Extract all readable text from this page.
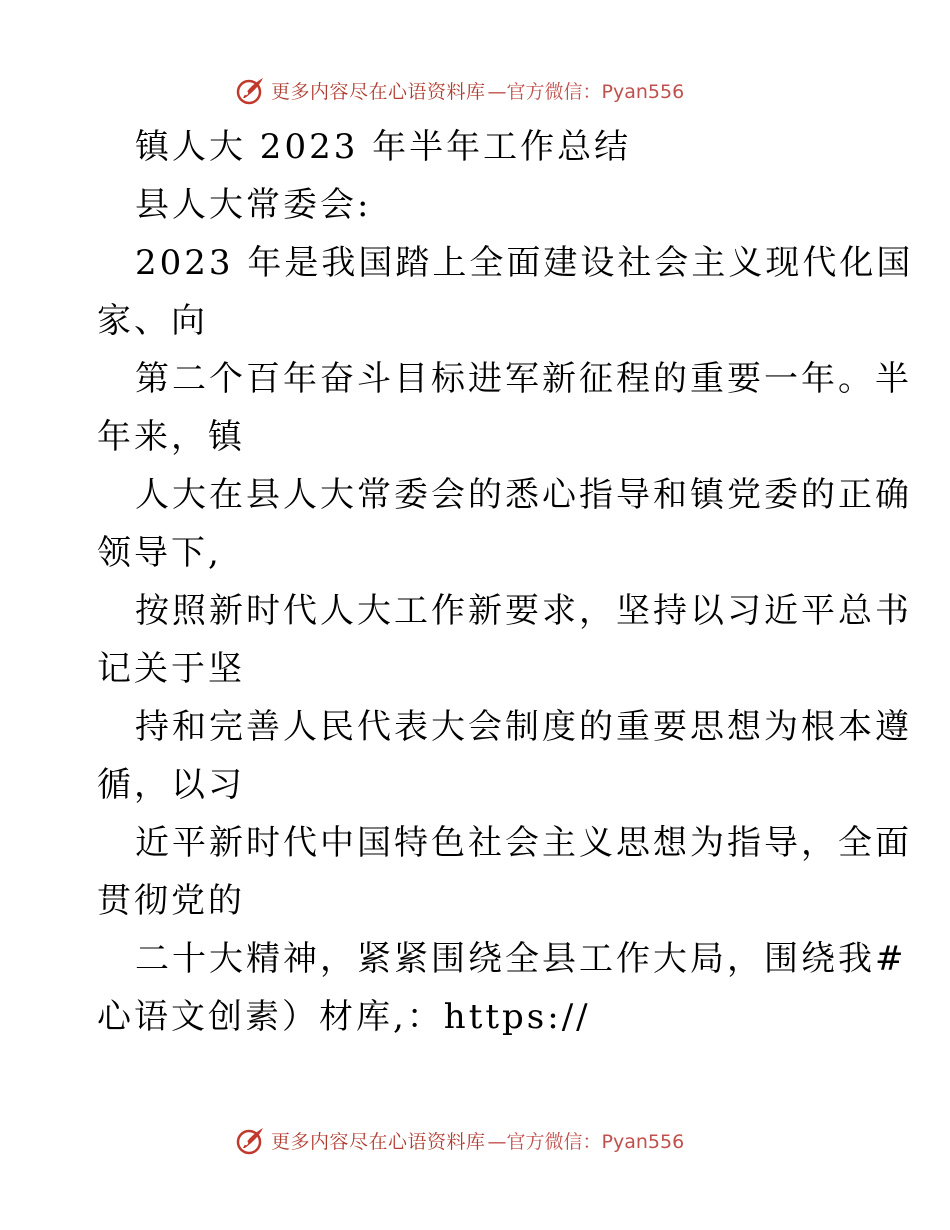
更多内容尽在心语资料库 —官方微信：Pyan556
镇人大 2023 年半年工作总结
县人大常委会:
2023 年是我国踏上全面建设社会主义现代化国
家、向
第二个百年奋斗目标进军新征程的重要一年。半
年来，镇
人大在县人大常委会的悉心指导和镇党委的正确
领导下,
按照新时代人大工作新要求，坚持以习近平总书
记关于坚
持和完善人民代表大会制度的重要思想为根本遵
循，以习
近平新时代中国特色社会主义思想为指导，全面
贯彻党的
二十大精神，紧紧围绕全县工作大局，围绕我#
心语文创素）材库,：https://
更多内容尽在心语资料库 —官方微信：Pyan556
